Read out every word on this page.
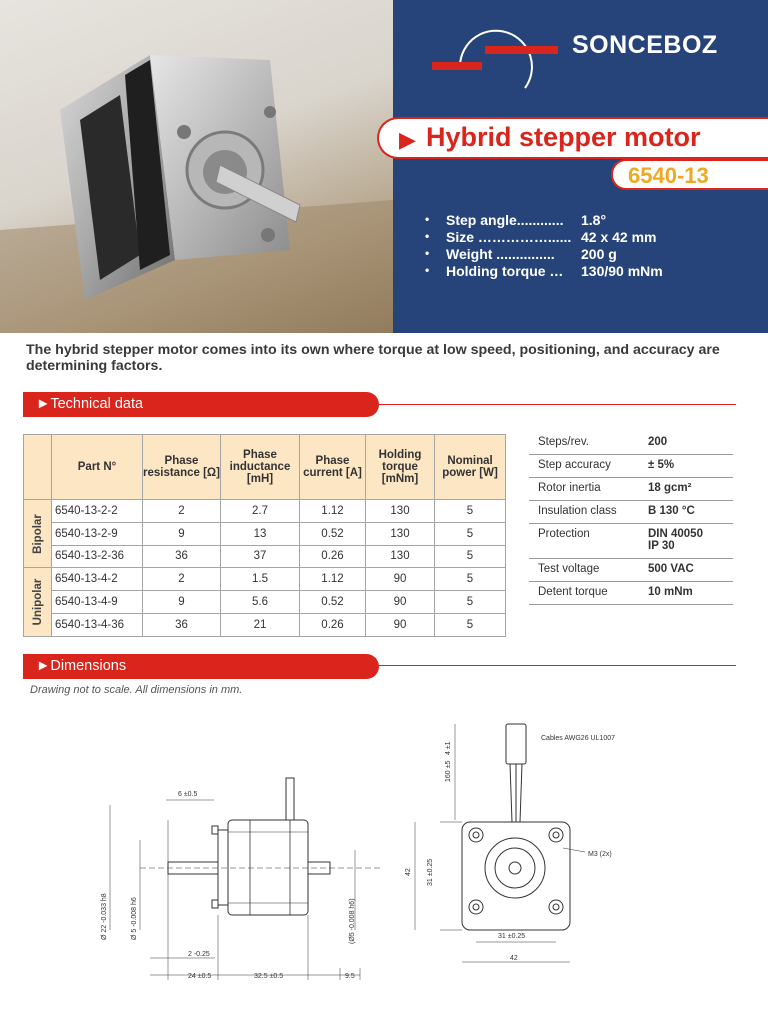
SONCEBOZ
▶ Hybrid stepper motor
6540-13
• Step angle............ 1.8°
• Size ……………...... 42 x 42 mm
• Weight ............... 200 g
• Holding torque … 130/90 mNm
The hybrid stepper motor comes into its own where torque at low speed, positioning, and accuracy are determining factors.
►Technical data
	Part N°	Phase resistance [Ω]	Phase inductance [mH]	Phase current [A]	Holding torque [mNm]	Nominal power [W]

Bipolar	6540-13-2-2	2	2.7	1.12	130	5
	6540-13-2-9	9	13	0.52	130	5
	6540-13-2-36	36	37	0.26	130	5

Unipolar	6540-13-4-2	2	1.5	1.12	90	5
	6540-13-4-9	9	5.6	0.52	90	5
	6540-13-4-36	36	21	0.26	90	5
Steps/rev.	200
Step accuracy	± 5%
Rotor inertia	18 gcm²
Insulation class	B 130 °C
Protection	DIN 40050
IP 30
Test voltage	500 VAC
Detent torque	10 mNm
►Dimensions
Drawing not to scale. All dimensions in mm.
6 ±0.5
2 -0.25
24 ±0.5	32.5 ±0.5	9.5
Ø 22 -0.033 h8	Ø 5 -0.008 h6	(Ø5 -0.008 h6)
Cables AWG26 UL1007
M3 (2x)
31 ±0.25
42
42 31 ±0.25
160 ±5
4 ±1
